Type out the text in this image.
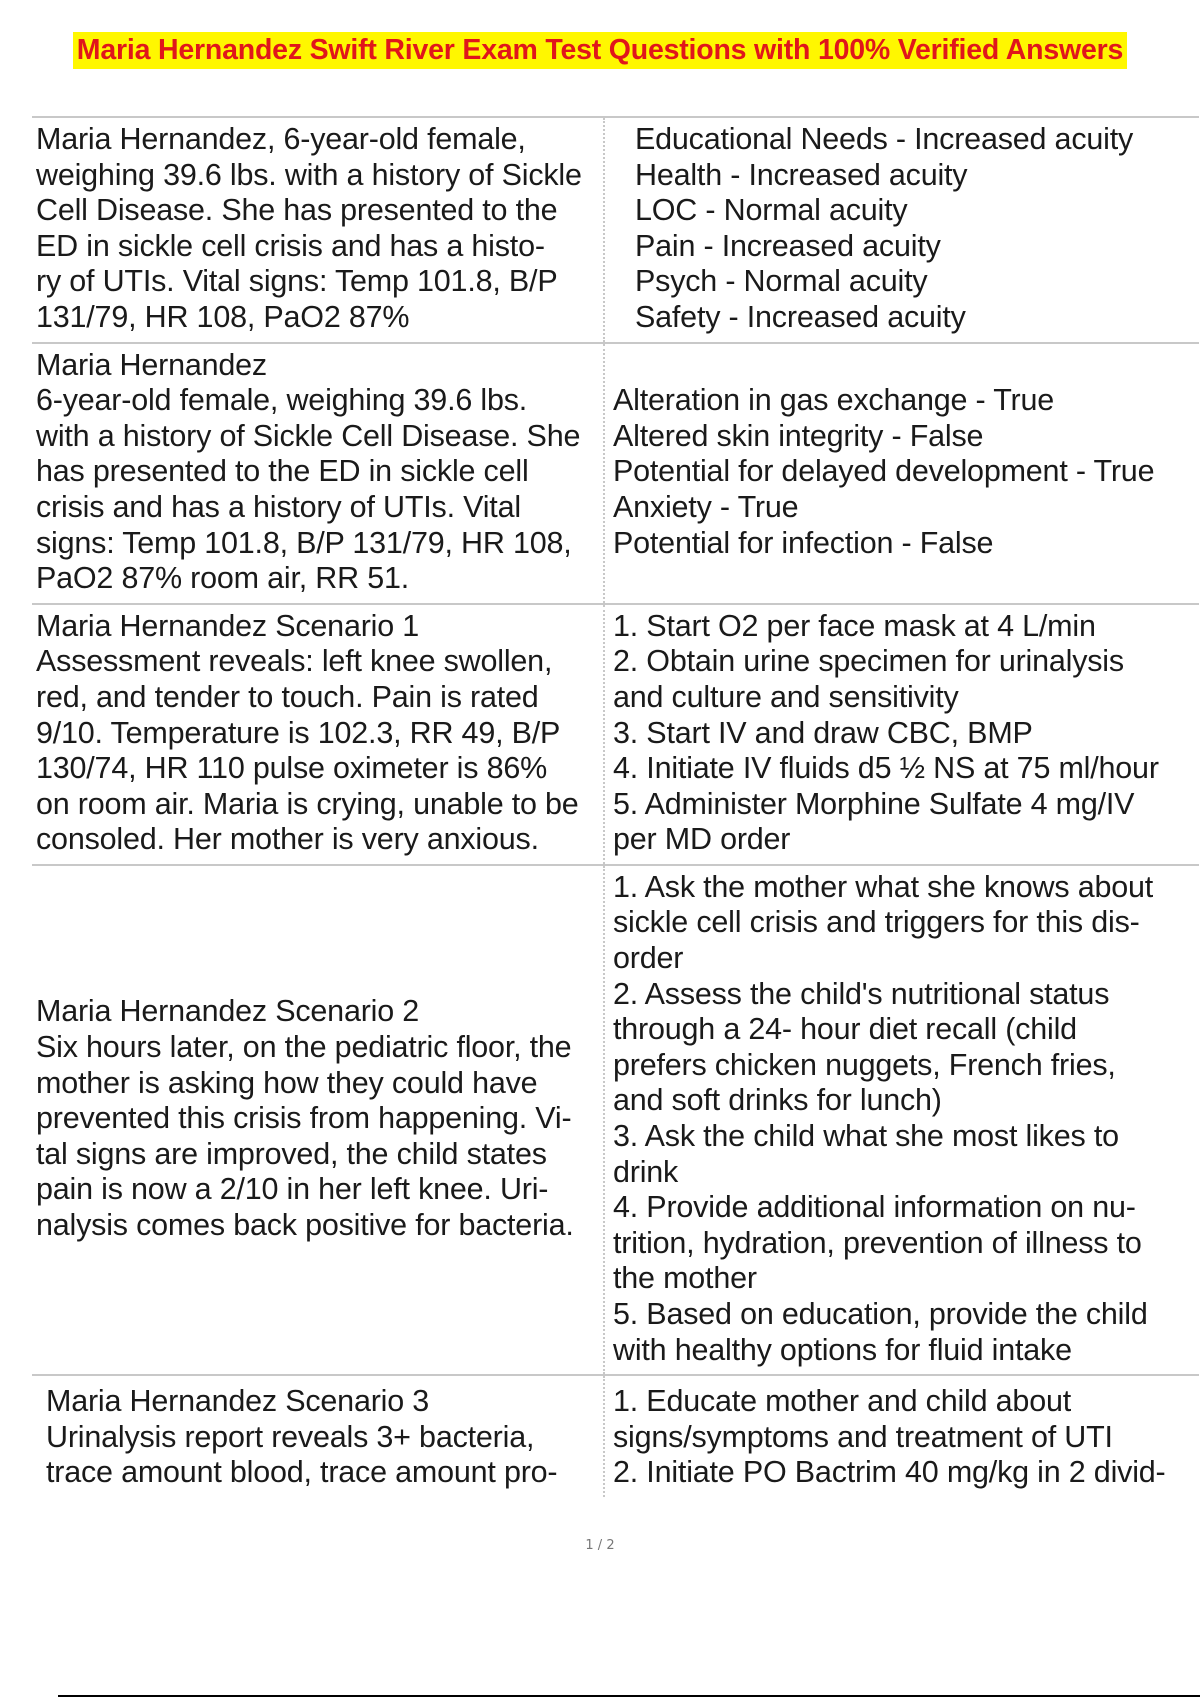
Maria Hernandez Swift River Exam Test Questions with 100% Verified Answers
Maria Hernandez, 6-year-old female,
weighing 39.6 lbs. with a history of Sickle
Cell Disease. She has presented to the
ED in sickle cell crisis and has a histo-
ry of UTIs. Vital signs: Temp 101.8, B/P
131/79, HR 108, PaO2 87%
Educational Needs - Increased acuity
Health - Increased acuity
LOC - Normal acuity
Pain - Increased acuity
Psych - Normal acuity
Safety - Increased acuity
Maria Hernandez
6-year-old female, weighing 39.6 lbs.
with a history of Sickle Cell Disease. She
has presented to the ED in sickle cell
crisis and has a history of UTIs. Vital
signs: Temp 101.8, B/P 131/79, HR 108,
PaO2 87% room air, RR 51.
Alteration in gas exchange - True
Altered skin integrity - False
Potential for delayed development - True
Anxiety - True
Potential for infection - False
Maria Hernandez Scenario 1
Assessment reveals: left knee swollen,
red, and tender to touch. Pain is rated
9/10. Temperature is 102.3, RR 49, B/P
130/74, HR 110 pulse oximeter is 86%
on room air. Maria is crying, unable to be
consoled. Her mother is very anxious.
1. Start O2 per face mask at 4 L/min
2. Obtain urine specimen for urinalysis
and culture and sensitivity
3. Start IV and draw CBC, BMP
4. Initiate IV fluids d5 ½ NS at 75 ml/hour
5. Administer Morphine Sulfate 4 mg/IV
per MD order
Maria Hernandez Scenario 2
Six hours later, on the pediatric floor, the
mother is asking how they could have
prevented this crisis from happening. Vi-
tal signs are improved, the child states
pain is now a 2/10 in her left knee. Uri-
nalysis comes back positive for bacteria.
1. Ask the mother what she knows about
sickle cell crisis and triggers for this dis-
order
2. Assess the child's nutritional status
through a 24- hour diet recall (child
prefers chicken nuggets, French fries,
and soft drinks for lunch)
3. Ask the child what she most likes to
drink
4. Provide additional information on nu-
trition, hydration, prevention of illness to
the mother
5. Based on education, provide the child
with healthy options for fluid intake
Maria Hernandez Scenario 3
Urinalysis report reveals 3+ bacteria,
trace amount blood, trace amount pro-
1. Educate mother and child about
signs/symptoms and treatment of UTI
2. Initiate PO Bactrim 40 mg/kg in 2 divid-
1 / 2
